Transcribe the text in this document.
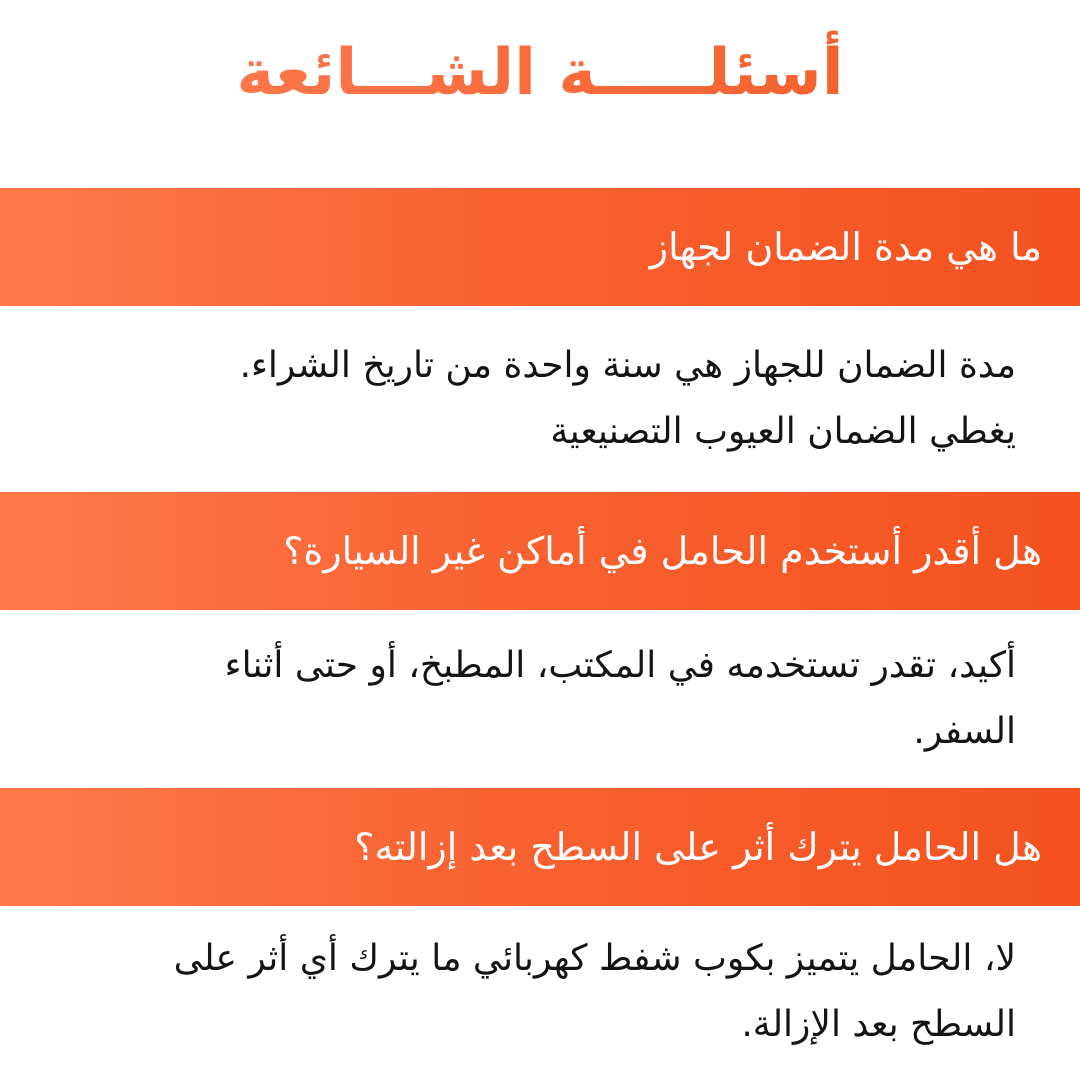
أسئلـــــة الشـــائعة
ما هي مدة الضمان لجهاز
مدة الضمان للجهاز هي سنة واحدة من تاريخ الشراء.
يغطي الضمان العيوب التصنيعية
هل أقدر أستخدم الحامل في أماكن غير السيارة؟
أكيد، تقدر تستخدمه في المكتب، المطبخ، أو حتى أثناء
السفر.
هل الحامل يترك أثر على السطح بعد إزالته؟
لا، الحامل يتميز بكوب شفط كهربائي ما يترك أي أثر على
السطح بعد الإزالة.
